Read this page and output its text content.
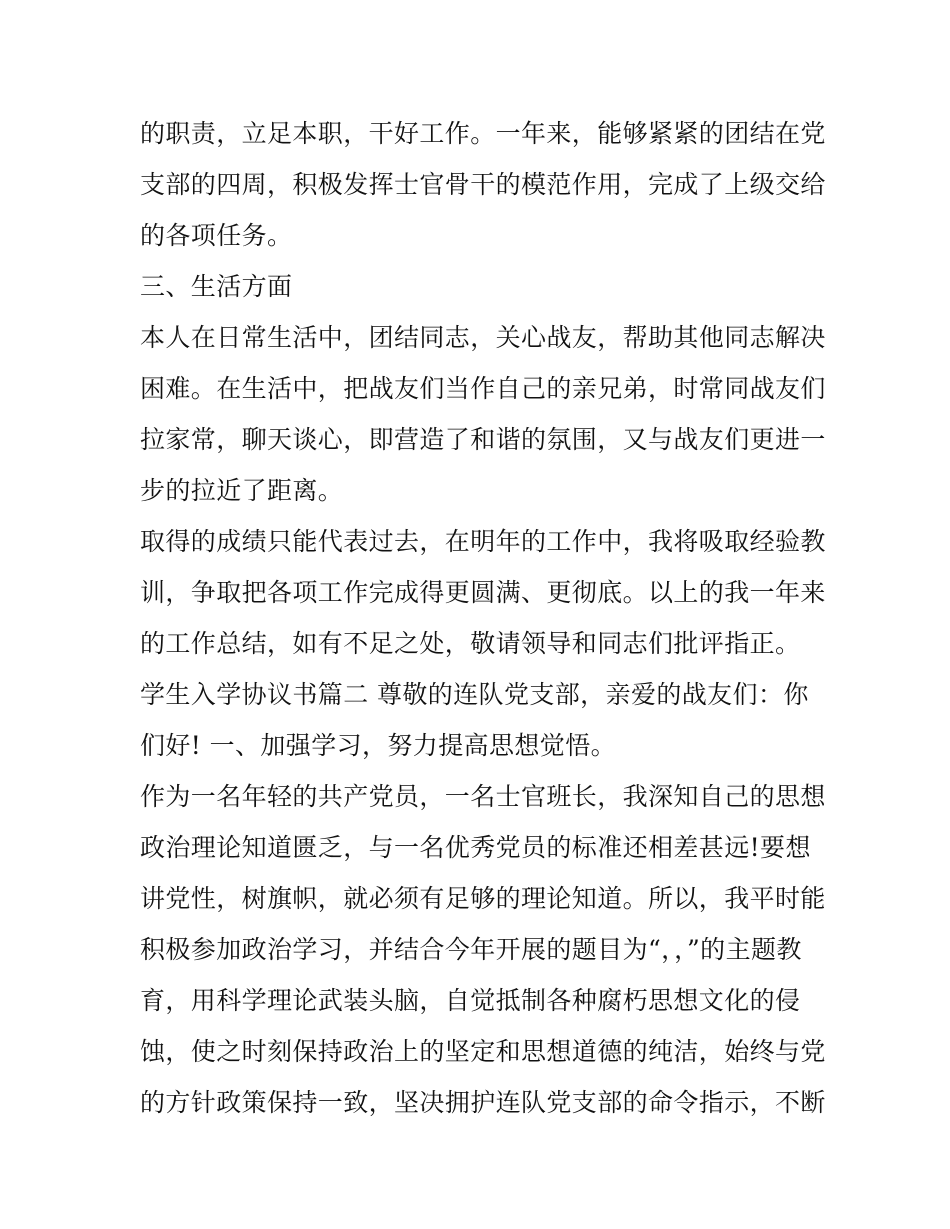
的职责，立足本职，干好工作。一年来，能够紧紧的团结在党
支部的四周，积极发挥士官骨干的模范作用，完成了上级交给
的各项任务。
三、生活方面
本人在日常生活中，团结同志，关心战友，帮助其他同志解决
困难。在生活中，把战友们当作自己的亲兄弟，时常同战友们
拉家常，聊天谈心，即营造了和谐的氛围，又与战友们更进一
步的拉近了距离。
取得的成绩只能代表过去，在明年的工作中，我将吸取经验教
训，争取把各项工作完成得更圆满、更彻底。以上的我一年来
的工作总结，如有不足之处，敬请领导和同志们批评指正。
学生入学协议书篇二 尊敬的连队党支部，亲爱的战友们：你
们好! 一、加强学习，努力提高思想觉悟。
作为一名年轻的共产党员，一名士官班长，我深知自己的思想
政治理论知道匮乏，与一名优秀党员的标准还相差甚远!要想
讲党性，树旗帜，就必须有足够的理论知道。所以，我平时能
积极参加政治学习，并结合今年开展的题目为“，，”的主题教
育，用科学理论武装头脑，自觉抵制各种腐朽思想文化的侵
蚀，使之时刻保持政治上的坚定和思想道德的纯洁，始终与党
的方针政策保持一致，坚决拥护连队党支部的命令指示，不断
